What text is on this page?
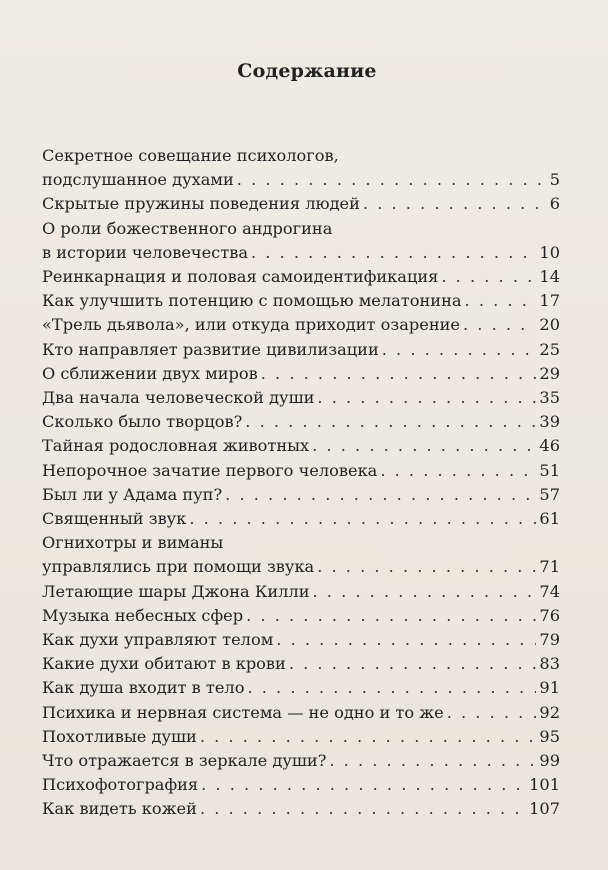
Содержание
Секретное совещание психологов,
подслушанное духами . . .	5
Скрытые пружины поведения людей . . .	6
О роли божественного андрогина
в истории человечества . . .	10
Реинкарнация и половая самоидентификация . . .	14
Как улучшить потенцию с помощью мелатонина . . .	17
«Трель дьявола», или откуда приходит озарение . . .	20
Кто направляет развитие цивилизации . . .	25
О сближении двух миров . . .	29
Два начала человеческой души . . .	35
Сколько было творцов? . . .	39
Тайная родословная животных . . .	46
Непорочное зачатие первого человека . . .	51
Был ли у Адама пуп? . . .	57
Священный звук . . .	61
Огнихотры и виманы
управлялись при помощи звука . . .	71
Летающие шары Джона Килли . . .	74
Музыка небесных сфер . . .	76
Как духи управляют телом . . .	79
Какие духи обитают в крови . . .	83
Как душа входит в тело . . .	91
Психика и нервная система — не одно и то же . . .	92
Похотливые души . . .	95
Что отражается в зеркале души? . . .	99
Психофотография . . .	101
Как видеть кожей . . .	107
